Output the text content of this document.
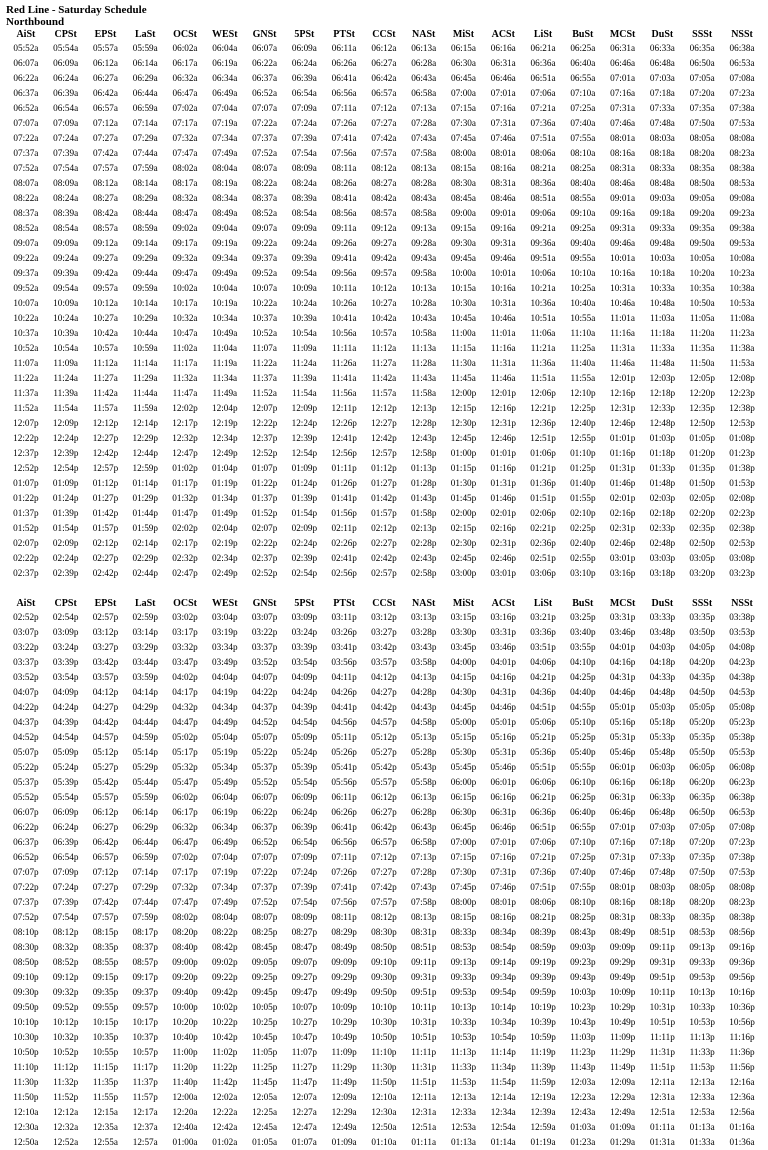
Red Line - Saturday Schedule
Northbound
AiSt	CPSt	EPSt	LaSt	OCSt	WESt	GNSt	5PSt	PTSt	CCSt	NASt	MiSt	ACSt	LiSt	BuSt	MCSt	DuSt	SSSt	NSSt
05:52a	05:54a	05:57a	05:59a	06:02a	06:04a	06:07a	06:09a	06:11a	06:12a	06:13a	06:15a	06:16a	06:21a	06:25a	06:31a	06:33a	06:35a	06:38a
06:07a	06:09a	06:12a	06:14a	06:17a	06:19a	06:22a	06:24a	06:26a	06:27a	06:28a	06:30a	06:31a	06:36a	06:40a	06:46a	06:48a	06:50a	06:53a
06:22a	06:24a	06:27a	06:29a	06:32a	06:34a	06:37a	06:39a	06:41a	06:42a	06:43a	06:45a	06:46a	06:51a	06:55a	07:01a	07:03a	07:05a	07:08a
06:37a	06:39a	06:42a	06:44a	06:47a	06:49a	06:52a	06:54a	06:56a	06:57a	06:58a	07:00a	07:01a	07:06a	07:10a	07:16a	07:18a	07:20a	07:23a
06:52a	06:54a	06:57a	06:59a	07:02a	07:04a	07:07a	07:09a	07:11a	07:12a	07:13a	07:15a	07:16a	07:21a	07:25a	07:31a	07:33a	07:35a	07:38a
07:07a	07:09a	07:12a	07:14a	07:17a	07:19a	07:22a	07:24a	07:26a	07:27a	07:28a	07:30a	07:31a	07:36a	07:40a	07:46a	07:48a	07:50a	07:53a
07:22a	07:24a	07:27a	07:29a	07:32a	07:34a	07:37a	07:39a	07:41a	07:42a	07:43a	07:45a	07:46a	07:51a	07:55a	08:01a	08:03a	08:05a	08:08a
07:37a	07:39a	07:42a	07:44a	07:47a	07:49a	07:52a	07:54a	07:56a	07:57a	07:58a	08:00a	08:01a	08:06a	08:10a	08:16a	08:18a	08:20a	08:23a
07:52a	07:54a	07:57a	07:59a	08:02a	08:04a	08:07a	08:09a	08:11a	08:12a	08:13a	08:15a	08:16a	08:21a	08:25a	08:31a	08:33a	08:35a	08:38a
08:07a	08:09a	08:12a	08:14a	08:17a	08:19a	08:22a	08:24a	08:26a	08:27a	08:28a	08:30a	08:31a	08:36a	08:40a	08:46a	08:48a	08:50a	08:53a
08:22a	08:24a	08:27a	08:29a	08:32a	08:34a	08:37a	08:39a	08:41a	08:42a	08:43a	08:45a	08:46a	08:51a	08:55a	09:01a	09:03a	09:05a	09:08a
08:37a	08:39a	08:42a	08:44a	08:47a	08:49a	08:52a	08:54a	08:56a	08:57a	08:58a	09:00a	09:01a	09:06a	09:10a	09:16a	09:18a	09:20a	09:23a
08:52a	08:54a	08:57a	08:59a	09:02a	09:04a	09:07a	09:09a	09:11a	09:12a	09:13a	09:15a	09:16a	09:21a	09:25a	09:31a	09:33a	09:35a	09:38a
09:07a	09:09a	09:12a	09:14a	09:17a	09:19a	09:22a	09:24a	09:26a	09:27a	09:28a	09:30a	09:31a	09:36a	09:40a	09:46a	09:48a	09:50a	09:53a
09:22a	09:24a	09:27a	09:29a	09:32a	09:34a	09:37a	09:39a	09:41a	09:42a	09:43a	09:45a	09:46a	09:51a	09:55a	10:01a	10:03a	10:05a	10:08a
09:37a	09:39a	09:42a	09:44a	09:47a	09:49a	09:52a	09:54a	09:56a	09:57a	09:58a	10:00a	10:01a	10:06a	10:10a	10:16a	10:18a	10:20a	10:23a
09:52a	09:54a	09:57a	09:59a	10:02a	10:04a	10:07a	10:09a	10:11a	10:12a	10:13a	10:15a	10:16a	10:21a	10:25a	10:31a	10:33a	10:35a	10:38a
10:07a	10:09a	10:12a	10:14a	10:17a	10:19a	10:22a	10:24a	10:26a	10:27a	10:28a	10:30a	10:31a	10:36a	10:40a	10:46a	10:48a	10:50a	10:53a
10:22a	10:24a	10:27a	10:29a	10:32a	10:34a	10:37a	10:39a	10:41a	10:42a	10:43a	10:45a	10:46a	10:51a	10:55a	11:01a	11:03a	11:05a	11:08a
10:37a	10:39a	10:42a	10:44a	10:47a	10:49a	10:52a	10:54a	10:56a	10:57a	10:58a	11:00a	11:01a	11:06a	11:10a	11:16a	11:18a	11:20a	11:23a
10:52a	10:54a	10:57a	10:59a	11:02a	11:04a	11:07a	11:09a	11:11a	11:12a	11:13a	11:15a	11:16a	11:21a	11:25a	11:31a	11:33a	11:35a	11:38a
11:07a	11:09a	11:12a	11:14a	11:17a	11:19a	11:22a	11:24a	11:26a	11:27a	11:28a	11:30a	11:31a	11:36a	11:40a	11:46a	11:48a	11:50a	11:53a
11:22a	11:24a	11:27a	11:29a	11:32a	11:34a	11:37a	11:39a	11:41a	11:42a	11:43a	11:45a	11:46a	11:51a	11:55a	12:01p	12:03p	12:05p	12:08p
11:37a	11:39a	11:42a	11:44a	11:47a	11:49a	11:52a	11:54a	11:56a	11:57a	11:58a	12:00p	12:01p	12:06p	12:10p	12:16p	12:18p	12:20p	12:23p
11:52a	11:54a	11:57a	11:59a	12:02p	12:04p	12:07p	12:09p	12:11p	12:12p	12:13p	12:15p	12:16p	12:21p	12:25p	12:31p	12:33p	12:35p	12:38p
12:07p	12:09p	12:12p	12:14p	12:17p	12:19p	12:22p	12:24p	12:26p	12:27p	12:28p	12:30p	12:31p	12:36p	12:40p	12:46p	12:48p	12:50p	12:53p
12:22p	12:24p	12:27p	12:29p	12:32p	12:34p	12:37p	12:39p	12:41p	12:42p	12:43p	12:45p	12:46p	12:51p	12:55p	01:01p	01:03p	01:05p	01:08p
12:37p	12:39p	12:42p	12:44p	12:47p	12:49p	12:52p	12:54p	12:56p	12:57p	12:58p	01:00p	01:01p	01:06p	01:10p	01:16p	01:18p	01:20p	01:23p
12:52p	12:54p	12:57p	12:59p	01:02p	01:04p	01:07p	01:09p	01:11p	01:12p	01:13p	01:15p	01:16p	01:21p	01:25p	01:31p	01:33p	01:35p	01:38p
01:07p	01:09p	01:12p	01:14p	01:17p	01:19p	01:22p	01:24p	01:26p	01:27p	01:28p	01:30p	01:31p	01:36p	01:40p	01:46p	01:48p	01:50p	01:53p
01:22p	01:24p	01:27p	01:29p	01:32p	01:34p	01:37p	01:39p	01:41p	01:42p	01:43p	01:45p	01:46p	01:51p	01:55p	02:01p	02:03p	02:05p	02:08p
01:37p	01:39p	01:42p	01:44p	01:47p	01:49p	01:52p	01:54p	01:56p	01:57p	01:58p	02:00p	02:01p	02:06p	02:10p	02:16p	02:18p	02:20p	02:23p
01:52p	01:54p	01:57p	01:59p	02:02p	02:04p	02:07p	02:09p	02:11p	02:12p	02:13p	02:15p	02:16p	02:21p	02:25p	02:31p	02:33p	02:35p	02:38p
02:07p	02:09p	02:12p	02:14p	02:17p	02:19p	02:22p	02:24p	02:26p	02:27p	02:28p	02:30p	02:31p	02:36p	02:40p	02:46p	02:48p	02:50p	02:53p
02:22p	02:24p	02:27p	02:29p	02:32p	02:34p	02:37p	02:39p	02:41p	02:42p	02:43p	02:45p	02:46p	02:51p	02:55p	03:01p	03:03p	03:05p	03:08p
02:37p	02:39p	02:42p	02:44p	02:47p	02:49p	02:52p	02:54p	02:56p	02:57p	02:58p	03:00p	03:01p	03:06p	03:10p	03:16p	03:18p	03:20p	03:23p
AiSt	CPSt	EPSt	LaSt	OCSt	WESt	GNSt	5PSt	PTSt	CCSt	NASt	MiSt	ACSt	LiSt	BuSt	MCSt	DuSt	SSSt	NSSt
02:52p	02:54p	02:57p	02:59p	03:02p	03:04p	03:07p	03:09p	03:11p	03:12p	03:13p	03:15p	03:16p	03:21p	03:25p	03:31p	03:33p	03:35p	03:38p
03:07p	03:09p	03:12p	03:14p	03:17p	03:19p	03:22p	03:24p	03:26p	03:27p	03:28p	03:30p	03:31p	03:36p	03:40p	03:46p	03:48p	03:50p	03:53p
03:22p	03:24p	03:27p	03:29p	03:32p	03:34p	03:37p	03:39p	03:41p	03:42p	03:43p	03:45p	03:46p	03:51p	03:55p	04:01p	04:03p	04:05p	04:08p
03:37p	03:39p	03:42p	03:44p	03:47p	03:49p	03:52p	03:54p	03:56p	03:57p	03:58p	04:00p	04:01p	04:06p	04:10p	04:16p	04:18p	04:20p	04:23p
03:52p	03:54p	03:57p	03:59p	04:02p	04:04p	04:07p	04:09p	04:11p	04:12p	04:13p	04:15p	04:16p	04:21p	04:25p	04:31p	04:33p	04:35p	04:38p
04:07p	04:09p	04:12p	04:14p	04:17p	04:19p	04:22p	04:24p	04:26p	04:27p	04:28p	04:30p	04:31p	04:36p	04:40p	04:46p	04:48p	04:50p	04:53p
04:22p	04:24p	04:27p	04:29p	04:32p	04:34p	04:37p	04:39p	04:41p	04:42p	04:43p	04:45p	04:46p	04:51p	04:55p	05:01p	05:03p	05:05p	05:08p
04:37p	04:39p	04:42p	04:44p	04:47p	04:49p	04:52p	04:54p	04:56p	04:57p	04:58p	05:00p	05:01p	05:06p	05:10p	05:16p	05:18p	05:20p	05:23p
04:52p	04:54p	04:57p	04:59p	05:02p	05:04p	05:07p	05:09p	05:11p	05:12p	05:13p	05:15p	05:16p	05:21p	05:25p	05:31p	05:33p	05:35p	05:38p
05:07p	05:09p	05:12p	05:14p	05:17p	05:19p	05:22p	05:24p	05:26p	05:27p	05:28p	05:30p	05:31p	05:36p	05:40p	05:46p	05:48p	05:50p	05:53p
05:22p	05:24p	05:27p	05:29p	05:32p	05:34p	05:37p	05:39p	05:41p	05:42p	05:43p	05:45p	05:46p	05:51p	05:55p	06:01p	06:03p	06:05p	06:08p
05:37p	05:39p	05:42p	05:44p	05:47p	05:49p	05:52p	05:54p	05:56p	05:57p	05:58p	06:00p	06:01p	06:06p	06:10p	06:16p	06:18p	06:20p	06:23p
05:52p	05:54p	05:57p	05:59p	06:02p	06:04p	06:07p	06:09p	06:11p	06:12p	06:13p	06:15p	06:16p	06:21p	06:25p	06:31p	06:33p	06:35p	06:38p
06:07p	06:09p	06:12p	06:14p	06:17p	06:19p	06:22p	06:24p	06:26p	06:27p	06:28p	06:30p	06:31p	06:36p	06:40p	06:46p	06:48p	06:50p	06:53p
06:22p	06:24p	06:27p	06:29p	06:32p	06:34p	06:37p	06:39p	06:41p	06:42p	06:43p	06:45p	06:46p	06:51p	06:55p	07:01p	07:03p	07:05p	07:08p
06:37p	06:39p	06:42p	06:44p	06:47p	06:49p	06:52p	06:54p	06:56p	06:57p	06:58p	07:00p	07:01p	07:06p	07:10p	07:16p	07:18p	07:20p	07:23p
06:52p	06:54p	06:57p	06:59p	07:02p	07:04p	07:07p	07:09p	07:11p	07:12p	07:13p	07:15p	07:16p	07:21p	07:25p	07:31p	07:33p	07:35p	07:38p
07:07p	07:09p	07:12p	07:14p	07:17p	07:19p	07:22p	07:24p	07:26p	07:27p	07:28p	07:30p	07:31p	07:36p	07:40p	07:46p	07:48p	07:50p	07:53p
07:22p	07:24p	07:27p	07:29p	07:32p	07:34p	07:37p	07:39p	07:41p	07:42p	07:43p	07:45p	07:46p	07:51p	07:55p	08:01p	08:03p	08:05p	08:08p
07:37p	07:39p	07:42p	07:44p	07:47p	07:49p	07:52p	07:54p	07:56p	07:57p	07:58p	08:00p	08:01p	08:06p	08:10p	08:16p	08:18p	08:20p	08:23p
07:52p	07:54p	07:57p	07:59p	08:02p	08:04p	08:07p	08:09p	08:11p	08:12p	08:13p	08:15p	08:16p	08:21p	08:25p	08:31p	08:33p	08:35p	08:38p
08:10p	08:12p	08:15p	08:17p	08:20p	08:22p	08:25p	08:27p	08:29p	08:30p	08:31p	08:33p	08:34p	08:39p	08:43p	08:49p	08:51p	08:53p	08:56p
08:30p	08:32p	08:35p	08:37p	08:40p	08:42p	08:45p	08:47p	08:49p	08:50p	08:51p	08:53p	08:54p	08:59p	09:03p	09:09p	09:11p	09:13p	09:16p
08:50p	08:52p	08:55p	08:57p	09:00p	09:02p	09:05p	09:07p	09:09p	09:10p	09:11p	09:13p	09:14p	09:19p	09:23p	09:29p	09:31p	09:33p	09:36p
09:10p	09:12p	09:15p	09:17p	09:20p	09:22p	09:25p	09:27p	09:29p	09:30p	09:31p	09:33p	09:34p	09:39p	09:43p	09:49p	09:51p	09:53p	09:56p
09:30p	09:32p	09:35p	09:37p	09:40p	09:42p	09:45p	09:47p	09:49p	09:50p	09:51p	09:53p	09:54p	09:59p	10:03p	10:09p	10:11p	10:13p	10:16p
09:50p	09:52p	09:55p	09:57p	10:00p	10:02p	10:05p	10:07p	10:09p	10:10p	10:11p	10:13p	10:14p	10:19p	10:23p	10:29p	10:31p	10:33p	10:36p
10:10p	10:12p	10:15p	10:17p	10:20p	10:22p	10:25p	10:27p	10:29p	10:30p	10:31p	10:33p	10:34p	10:39p	10:43p	10:49p	10:51p	10:53p	10:56p
10:30p	10:32p	10:35p	10:37p	10:40p	10:42p	10:45p	10:47p	10:49p	10:50p	10:51p	10:53p	10:54p	10:59p	11:03p	11:09p	11:11p	11:13p	11:16p
10:50p	10:52p	10:55p	10:57p	11:00p	11:02p	11:05p	11:07p	11:09p	11:10p	11:11p	11:13p	11:14p	11:19p	11:23p	11:29p	11:31p	11:33p	11:36p
11:10p	11:12p	11:15p	11:17p	11:20p	11:22p	11:25p	11:27p	11:29p	11:30p	11:31p	11:33p	11:34p	11:39p	11:43p	11:49p	11:51p	11:53p	11:56p
11:30p	11:32p	11:35p	11:37p	11:40p	11:42p	11:45p	11:47p	11:49p	11:50p	11:51p	11:53p	11:54p	11:59p	12:03a	12:09a	12:11a	12:13a	12:16a
11:50p	11:52p	11:55p	11:57p	12:00a	12:02a	12:05a	12:07a	12:09a	12:10a	12:11a	12:13a	12:14a	12:19a	12:23a	12:29a	12:31a	12:33a	12:36a
12:10a	12:12a	12:15a	12:17a	12:20a	12:22a	12:25a	12:27a	12:29a	12:30a	12:31a	12:33a	12:34a	12:39a	12:43a	12:49a	12:51a	12:53a	12:56a
12:30a	12:32a	12:35a	12:37a	12:40a	12:42a	12:45a	12:47a	12:49a	12:50a	12:51a	12:53a	12:54a	12:59a	01:03a	01:09a	01:11a	01:13a	01:16a
12:50a	12:52a	12:55a	12:57a	01:00a	01:02a	01:05a	01:07a	01:09a	01:10a	01:11a	01:13a	01:14a	01:19a	01:23a	01:29a	01:31a	01:33a	01:36a
